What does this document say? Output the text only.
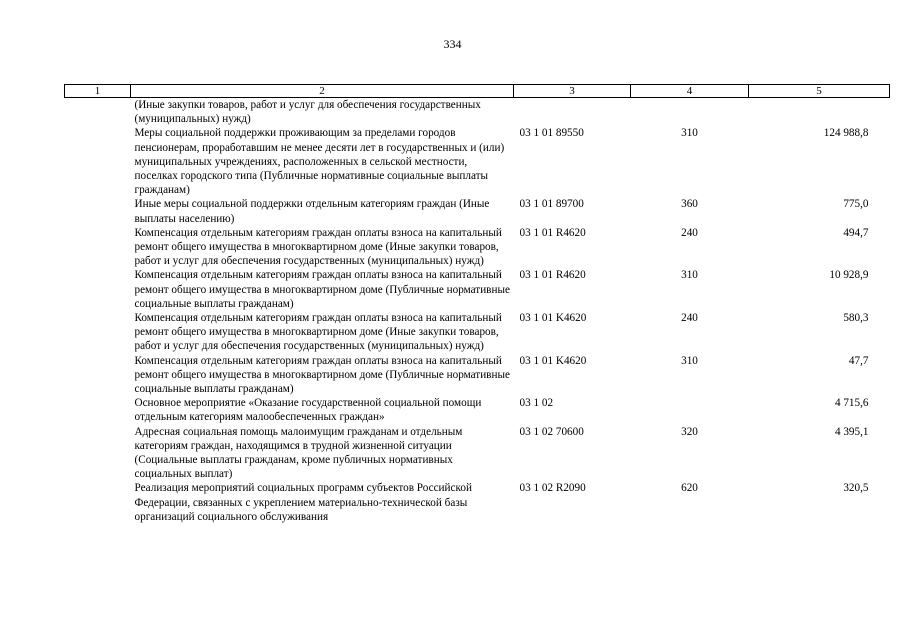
334
1	2	3	4	5
	(Иные закупки товаров, работ и услуг для обеспечения государственных (муниципальных) нужд)			
	Меры социальной поддержки проживающим за пределами городов пенсионерам, проработавшим не менее десяти лет в государственных и (или) муниципальных учреждениях, расположенных в сельской местности, поселках городского типа (Публичные нормативные социальные выплаты гражданам)	03 1 01 89550	310	124 988,8
	Иные меры социальной поддержки отдельным категориям граждан (Иные выплаты населению)	03 1 01 89700	360	775,0
	Компенсация отдельным категориям граждан оплаты взноса на капитальный ремонт общего имущества в многоквартирном доме (Иные закупки товаров, работ и услуг для обеспечения государственных (муниципальных) нужд)	03 1 01 R4620	240	494,7
	Компенсация отдельным категориям граждан оплаты взноса на капитальный ремонт общего имущества в многоквартирном доме (Публичные нормативные социальные выплаты гражданам)	03 1 01 R4620	310	10 928,9
	Компенсация отдельным категориям граждан оплаты взноса на капитальный ремонт общего имущества в многоквартирном доме (Иные закупки товаров, работ и услуг для обеспечения государственных (муниципальных) нужд)	03 1 01 K4620	240	580,3
	Компенсация отдельным категориям граждан оплаты взноса на капитальный ремонт общего имущества в многоквартирном доме (Публичные нормативные социальные выплаты гражданам)	03 1 01 K4620	310	47,7
	Основное мероприятие «Оказание государственной социальной помощи отдельным категориям малообеспеченных граждан»	03 1 02		4 715,6
	Адресная социальная помощь малоимущим гражданам и отдельным категориям граждан, находящимся в трудной жизненной ситуации (Социальные выплаты гражданам, кроме публичных нормативных социальных выплат)	03 1 02 70600	320	4 395,1
	Реализация мероприятий социальных программ субъектов Российской Федерации, связанных с укреплением материально-технической базы организаций социального обслуживания	03 1 02 R2090	620	320,5
